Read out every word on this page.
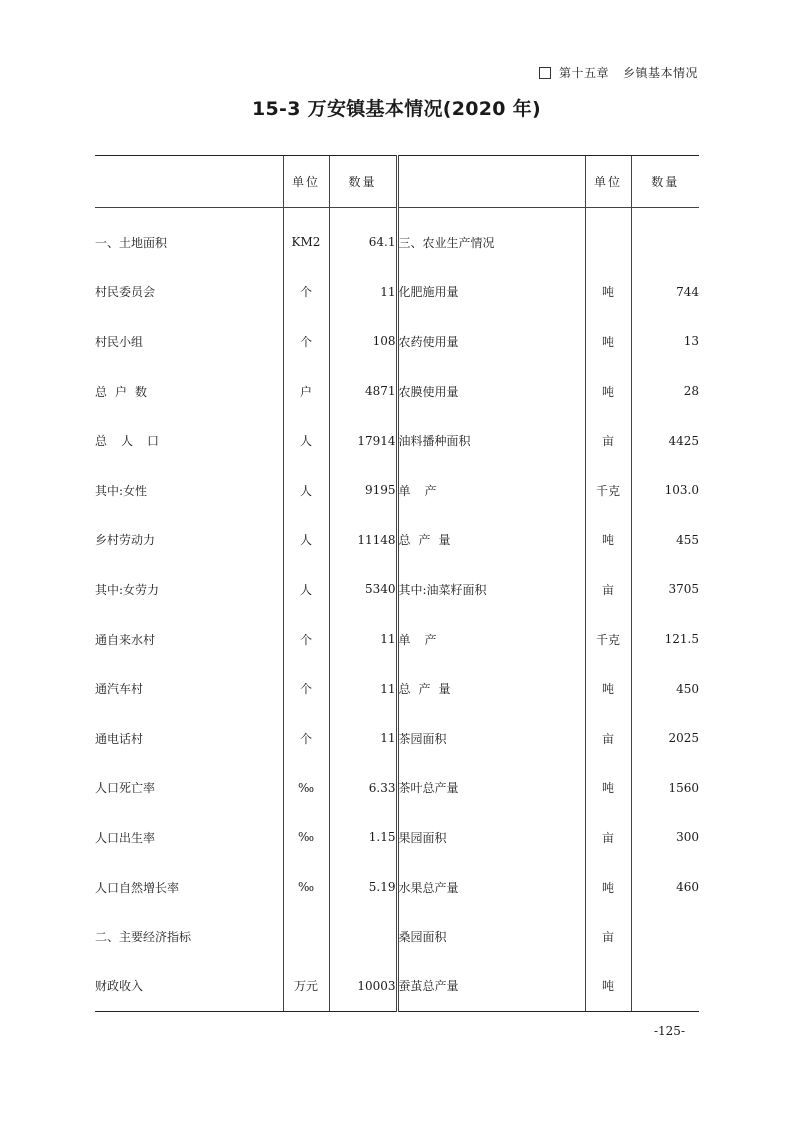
第十五章 乡镇基本情况
15-3 万安镇基本情况(2020 年)
	单位	数量		单位	数量

一、土地面积	KM2	64.1	三、农业生产情况		
村民委员会	个	11	化肥施用量	吨	744
村民小组	个	108	农药使用量	吨	13
总户数	户	4871	农膜使用量	吨	28
总人口	人	17914	油料播种面积	亩	4425
其中:女性	人	9195	单产	千克	103.0
乡村劳动力	人	11148	总产量	吨	455
其中:女劳力	人	5340	其中:油菜籽面积	亩	3705
通自来水村	个	11	单产	千克	121.5
通汽车村	个	11	总产量	吨	450
通电话村	个	11	茶园面积	亩	2025
人口死亡率	‰	6.33	茶叶总产量	吨	1560
人口出生率	‰	1.15	果园面积	亩	300
人口自然增长率	‰	5.19	水果总产量	吨	460
二、主要经济指标			桑园面积	亩	
财政收入	万元	10003	蚕茧总产量	吨	
-125-
